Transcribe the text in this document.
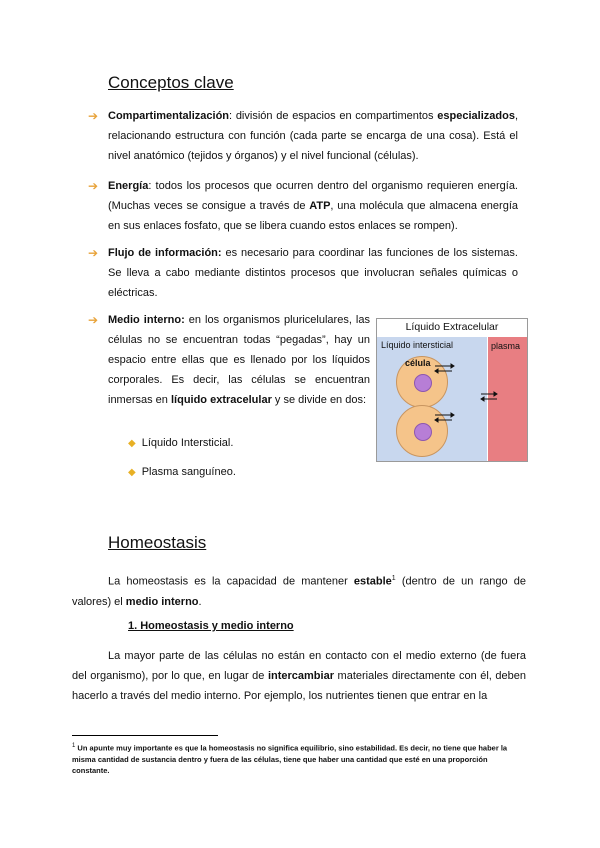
Conceptos clave
➔ Compartimentalización: división de espacios en compartimentos especializados, relacionando estructura con función (cada parte se encarga de una cosa). Está el nivel anatómico (tejidos y órganos) y el nivel funcional (células).
➔ Energía: todos los procesos que ocurren dentro del organismo requieren energía. (Muchas veces se consigue a través de ATP, una molécula que almacena energía en sus enlaces fosfato, que se libera cuando estos enlaces se rompen).
➔ Flujo de información: es necesario para coordinar las funciones de los sistemas. Se lleva a cabo mediante distintos procesos que involucran señales químicas o eléctricas.
➔ Medio interno: en los organismos pluricelulares, las células no se encuentran todas “pegadas”, hay un espacio entre ellas que es llenado por los líquidos corporales. Es decir, las células se encuentran inmersas en líquido extracelular y se divide en dos:
◆ Líquido Intersticial.
◆ Plasma sanguíneo.
Líquido Extracelular
Líquido intersticial	plasma
célula
Homeostasis
La homeostasis es la capacidad de mantener estable$^1$ (dentro de un rango de valores) el medio interno.
1. Homeostasis y medio interno
La mayor parte de las células no están en contacto con el medio externo (de fuera del organismo), por lo que, en lugar de intercambiar materiales directamente con él, deben hacerlo a través del medio interno. Por ejemplo, los nutrientes tienen que entrar en la
$^1$ Un apunte muy importante es que la homeostasis no significa equilibrio, sino estabilidad. Es decir, no tiene que haber la misma cantidad de sustancia dentro y fuera de las células, tiene que haber una cantidad que esté en una proporción constante.
